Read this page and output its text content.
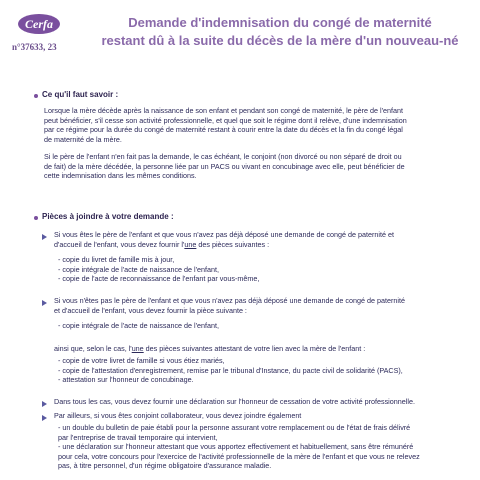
Cerfa
n°37633, 23
Demande d'indemnisation du congé de maternité
restant dû à la suite du décès de la mère d'un nouveau-né
Ce qu'il faut savoir :
Lorsque la mère décède après la naissance de son enfant et pendant son congé de maternité, le père de l'enfant
peut bénéficier, s'il cesse son activité professionnelle, et quel que soit le régime dont il relève, d'une indemnisation
par ce régime pour la durée du congé de maternité restant à courir entre la date du décès et la fin du congé légal
de maternité de la mère.
Si le père de l'enfant n'en fait pas la demande, le cas échéant, le conjoint (non divorcé ou non séparé de droit ou
de fait) de la mère décédée, la personne liée par un PACS ou vivant en concubinage avec elle, peut bénéficier de
cette indemnisation dans les mêmes conditions.
Pièces à joindre à votre demande :
Si vous êtes le père de l'enfant et que vous n'avez pas déjà déposé une demande de congé de paternité et
d'accueil de l'enfant, vous devez fournir l'une des pièces suivantes :
- copie du livret de famille mis à jour,
- copie intégrale de l'acte de naissance de l'enfant,
- copie de l'acte de reconnaissance de l'enfant par vous-même,
Si vous n'êtes pas le père de l'enfant et que vous n'avez pas déjà déposé une demande de congé de paternité
et d'accueil de l'enfant, vous devez fournir la pièce suivante :
- copie intégrale de l'acte de naissance de l'enfant,
ainsi que, selon le cas, l'une des pièces suivantes attestant de votre lien avec la mère de l'enfant :
- copie de votre livret de famille si vous étiez mariés,
- copie de l'attestation d'enregistrement, remise par le tribunal d'Instance, du pacte civil de solidarité (PACS),
- attestation sur l'honneur de concubinage.
Dans tous les cas, vous devez fournir une déclaration sur l'honneur de cessation de votre activité professionnelle.
Par ailleurs, si vous êtes conjoint collaborateur, vous devez joindre également
- un double du bulletin de paie établi pour la personne assurant votre remplacement ou de l'état de frais délivré
par l'entreprise de travail temporaire qui intervient,
- une déclaration sur l'honneur attestant que vous apportez effectivement et habituellement, sans être rémunéré
pour cela, votre concours pour l'exercice de l'activité professionnelle de la mère de l'enfant et que vous ne relevez
pas, à titre personnel, d'un régime obligatoire d'assurance maladie.
